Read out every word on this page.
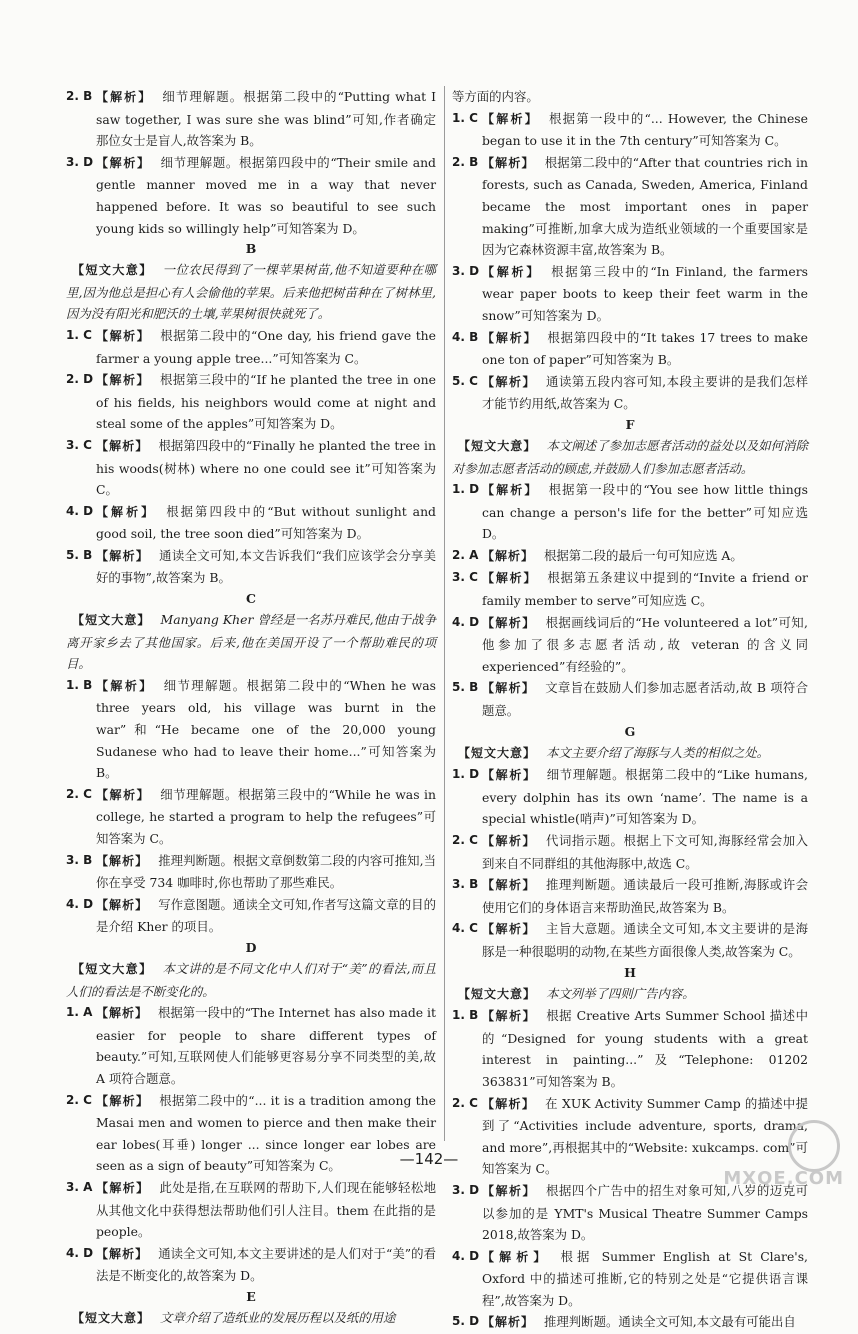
2. B 【解析】 细节理解题。根据第二段中的“Putting what I saw together, I was sure she was blind”可知,作者确定那位女士是盲人,故答案为 B。
3. D 【解析】 细节理解题。根据第四段中的“Their smile and gentle manner moved me in a way that never happened before. It was so beautiful to see such young kids so willingly help”可知答案为 D。
B
【短文大意】 一位农民得到了一棵苹果树苗,他不知道要种在哪里,因为他总是担心有人会偷他的苹果。后来他把树苗种在了树林里,因为没有阳光和肥沃的土壤,苹果树很快就死了。
1. C 【解析】 根据第二段中的“One day, his friend gave the farmer a young apple tree...”可知答案为 C。
2. D 【解析】 根据第三段中的“If he planted the tree in one of his fields, his neighbors would come at night and steal some of the apples”可知答案为 D。
3. C 【解析】 根据第四段中的“Finally he planted the tree in his woods(树林) where no one could see it”可知答案为 C。
4. D 【解析】 根据第四段中的“But without sunlight and good soil, the tree soon died”可知答案为 D。
5. B 【解析】 通读全文可知,本文告诉我们“我们应该学会分享美好的事物”,故答案为 B。
C
【短文大意】 Manyang Kher 曾经是一名苏丹难民,他由于战争离开家乡去了其他国家。后来,他在美国开设了一个帮助难民的项目。
1. B 【解析】 细节理解题。根据第二段中的“When he was three years old, his village was burnt in the war”和“He became one of the 20,000 young Sudanese who had to leave their home...”可知答案为 B。
2. C 【解析】 细节理解题。根据第三段中的“While he was in college, he started a program to help the refugees”可知答案为 C。
3. B 【解析】 推理判断题。根据文章倒数第二段的内容可推知,当你在享受 734 咖啡时,你也帮助了那些难民。
4. D 【解析】 写作意图题。通读全文可知,作者写这篇文章的目的是介绍 Kher 的项目。
D
【短文大意】 本文讲的是不同文化中人们对于“美”的看法,而且人们的看法是不断变化的。
1. A 【解析】 根据第一段中的“The Internet has also made it easier for people to share different types of beauty.”可知,互联网使人们能够更容易分享不同类型的美,故 A 项符合题意。
2. C 【解析】 根据第二段中的“... it is a tradition among the Masai men and women to pierce and then make their ear lobes(耳垂) longer ... since longer ear lobes are seen as a sign of beauty”可知答案为 C。
3. A 【解析】 此处是指,在互联网的帮助下,人们现在能够轻松地从其他文化中获得想法帮助他们引人注目。them 在此指的是 people。
4. D 【解析】 通读全文可知,本文主要讲述的是人们对于“美”的看法是不断变化的,故答案为 D。
E
【短文大意】 文章介绍了造纸业的发展历程以及纸的用途
等方面的内容。
1. C 【解析】 根据第一段中的“... However, the Chinese began to use it in the 7th century”可知答案为 C。
2. B 【解析】 根据第二段中的“After that countries rich in forests, such as Canada, Sweden, America, Finland became the most important ones in paper making”可推断,加拿大成为造纸业领域的一个重要国家是因为它森林资源丰富,故答案为 B。
3. D 【解析】 根据第三段中的“In Finland, the farmers wear paper boots to keep their feet warm in the snow”可知答案为 D。
4. B 【解析】 根据第四段中的“It takes 17 trees to make one ton of paper”可知答案为 B。
5. C 【解析】 通读第五段内容可知,本段主要讲的是我们怎样才能节约用纸,故答案为 C。
F
【短文大意】 本文阐述了参加志愿者活动的益处以及如何消除对参加志愿者活动的顾虑,并鼓励人们参加志愿者活动。
1. D 【解析】 根据第一段中的“You see how little things can change a person's life for the better”可知应选 D。
2. A 【解析】 根据第二段的最后一句可知应选 A。
3. C 【解析】 根据第五条建议中提到的“Invite a friend or family member to serve”可知应选 C。
4. D 【解析】 根据画线词后的“He volunteered a lot”可知,他参加了很多志愿者活动,故 veteran 的含义同 experienced”有经验的”。
5. B 【解析】 文章旨在鼓励人们参加志愿者活动,故 B 项符合题意。
G
【短文大意】 本文主要介绍了海豚与人类的相似之处。
1. D 【解析】 细节理解题。根据第二段中的“Like humans, every dolphin has its own ‘name’. The name is a special whistle(哨声)”可知答案为 D。
2. C 【解析】 代词指示题。根据上下文可知,海豚经常会加入到来自不同群组的其他海豚中,故选 C。
3. B 【解析】 推理判断题。通读最后一段可推断,海豚或许会使用它们的身体语言来帮助渔民,故答案为 B。
4. C 【解析】 主旨大意题。通读全文可知,本文主要讲的是海豚是一种很聪明的动物,在某些方面很像人类,故答案为 C。
H
【短文大意】 本文列举了四则广告内容。
1. B 【解析】 根据 Creative Arts Summer School 描述中的“Designed for young students with a great interest in painting...”及“Telephone: 01202 363831”可知答案为 B。
2. C 【解析】 在 XUK Activity Summer Camp 的描述中提到了“Activities include adventure, sports, drama, and more”,再根据其中的“Website: xukcamps. com”可知答案为 C。
3. D 【解析】 根据四个广告中的招生对象可知,八岁的迈克可以参加的是 YMT's Musical Theatre Summer Camps 2018,故答案为 D。
4. D 【解析】 根据 Summer English at St Clare's, Oxford 中的描述可推断,它的特别之处是“它提供语言课程”,故答案为 D。
5. D 【解析】 推理判断题。通读全文可知,本文最有可能出自
—142—
MXQE.COM
